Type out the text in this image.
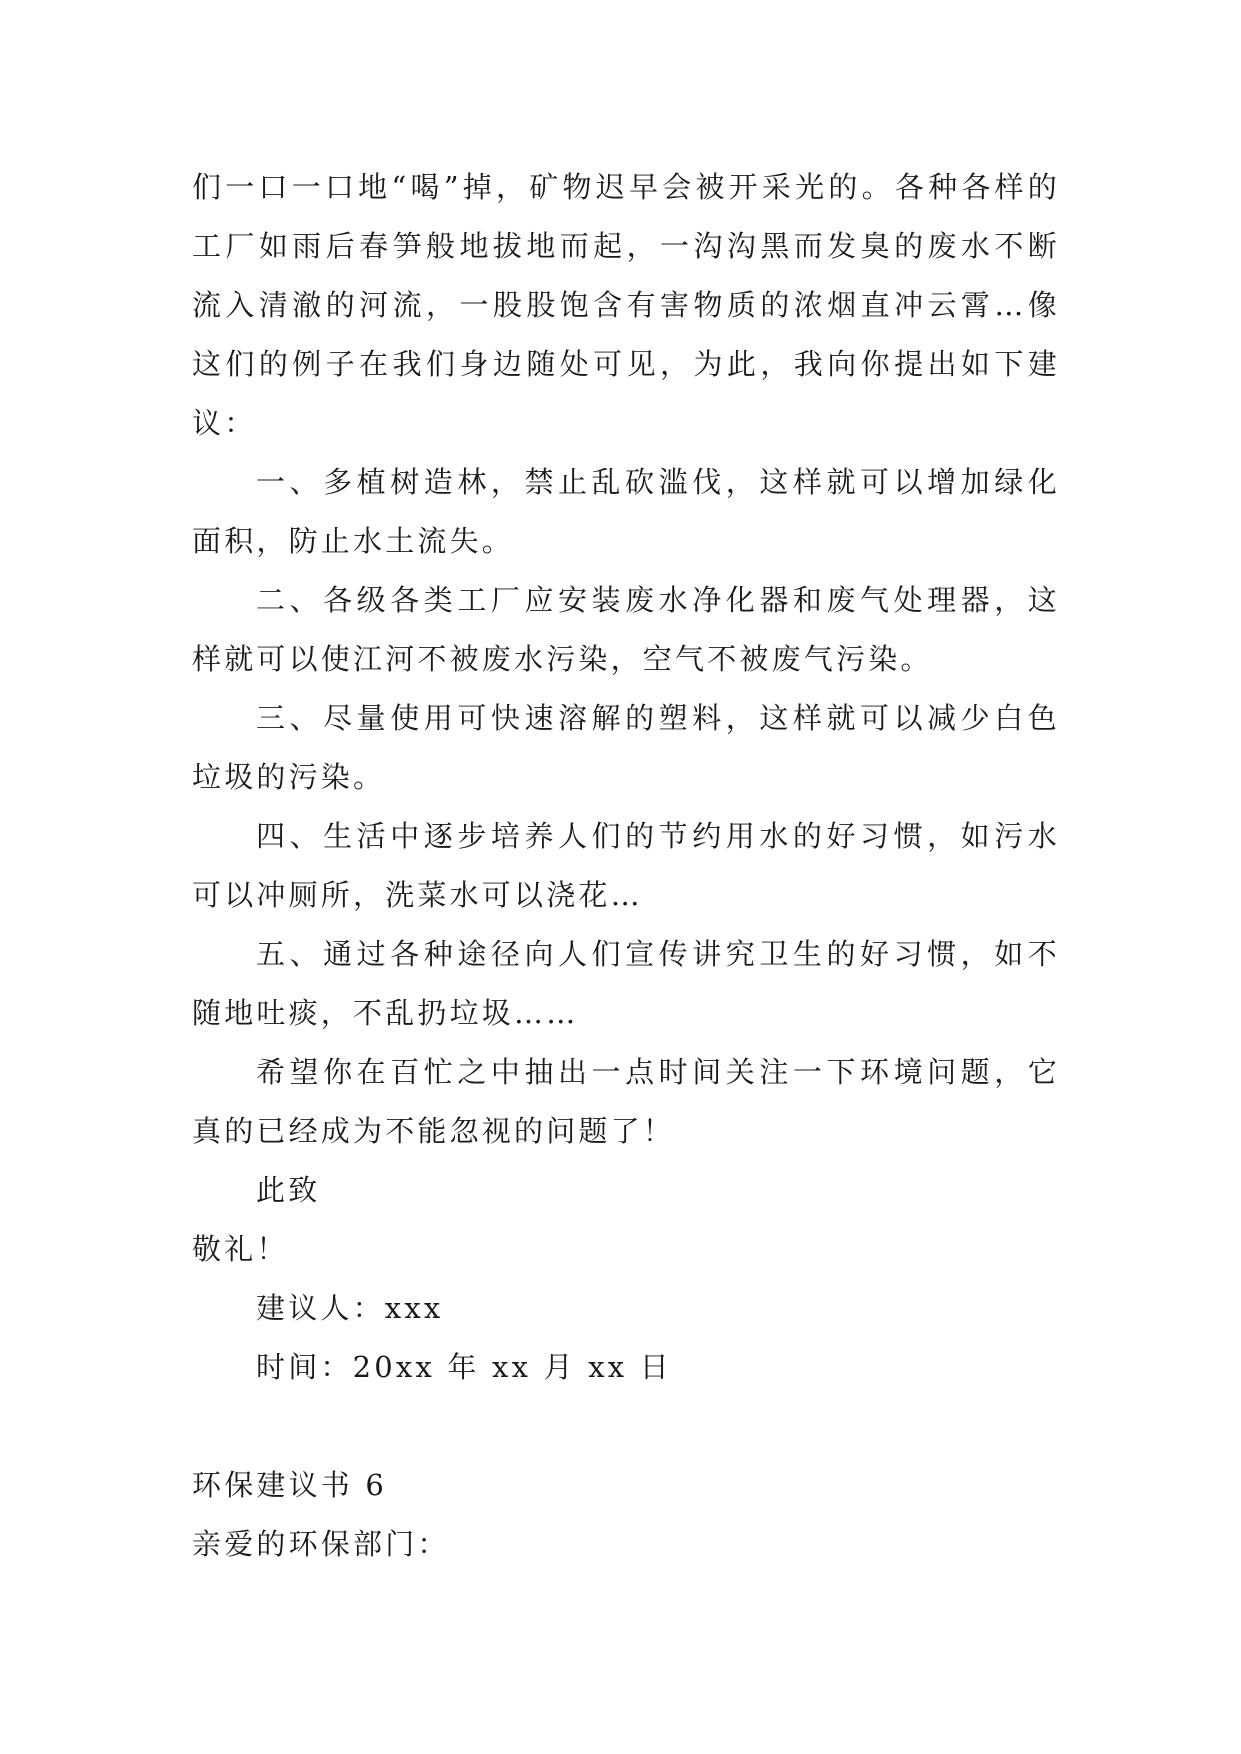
们一口一口地“喝”掉，矿物迟早会被开采光的。各种各样的工厂如雨后春笋般地拔地而起，一沟沟黑而发臭的废水不断流入清澈的河流，一股股饱含有害物质的浓烟直冲云霄…像这们的例子在我们身边随处可见，为此，我向你提出如下建议：

一、多植树造林，禁止乱砍滥伐，这样就可以增加绿化面积，防止水土流失。

二、各级各类工厂应安装废水净化器和废气处理器，这样就可以使江河不被废水污染，空气不被废气污染。

三、尽量使用可快速溶解的塑料，这样就可以减少白色垃圾的污染。

四、生活中逐步培养人们的节约用水的好习惯，如污水可以冲厕所，洗菜水可以浇花…

五、通过各种途径向人们宣传讲究卫生的好习惯，如不随地吐痰，不乱扔垃圾……

希望你在百忙之中抽出一点时间关注一下环境问题，它真的已经成为不能忽视的问题了！

此致

敬礼！

建议人：xxx

时间：20xx 年 xx 月 xx 日

环保建议书 6

亲爱的环保部门：
